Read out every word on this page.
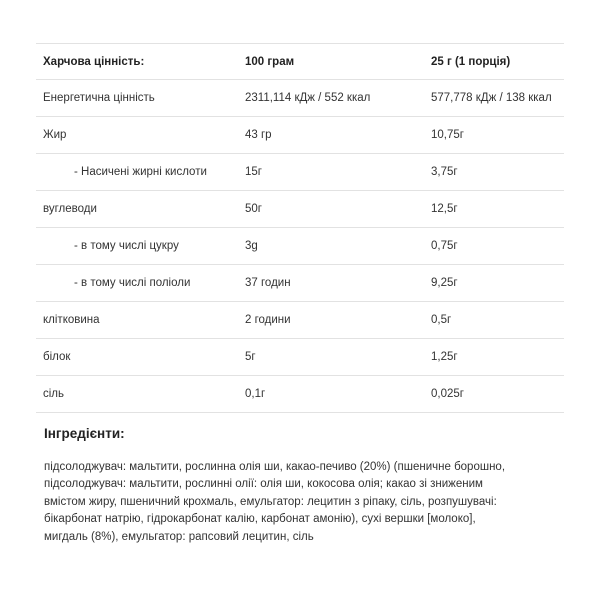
Харчова цінність:	100 грам	25 г (1 порція)
Енергетична цінність	2311,114 кДж / 552 ккал	577,778 кДж / 138 ккал
Жир	43 гр	10,75г
- Насичені жирні кислоти	15г	3,75г
вуглеводи	50г	12,5г
- в тому числі цукру	3g	0,75г
- в тому числі поліоли	37 годин	9,25г
клітковина	2 години	0,5г
білок	5г	1,25г
сіль	0,1г	0,025г
Інгредієнти:
підсолоджувач: мальтити, рослинна олія ши, какао-печиво (20%) (пшеничне борошно,
підсолоджувач: мальтити, рослинні олії: олія ши, кокосова олія; какао зі зниженим
вмістом жиру, пшеничний крохмаль, емульгатор: лецитин з ріпаку, сіль, розпушувачі:
бікарбонат натрію, гідрокарбонат калію, карбонат амонію), сухі вершки [молоко],
мигдаль (8%), емульгатор: рапсовий лецитин, сіль
